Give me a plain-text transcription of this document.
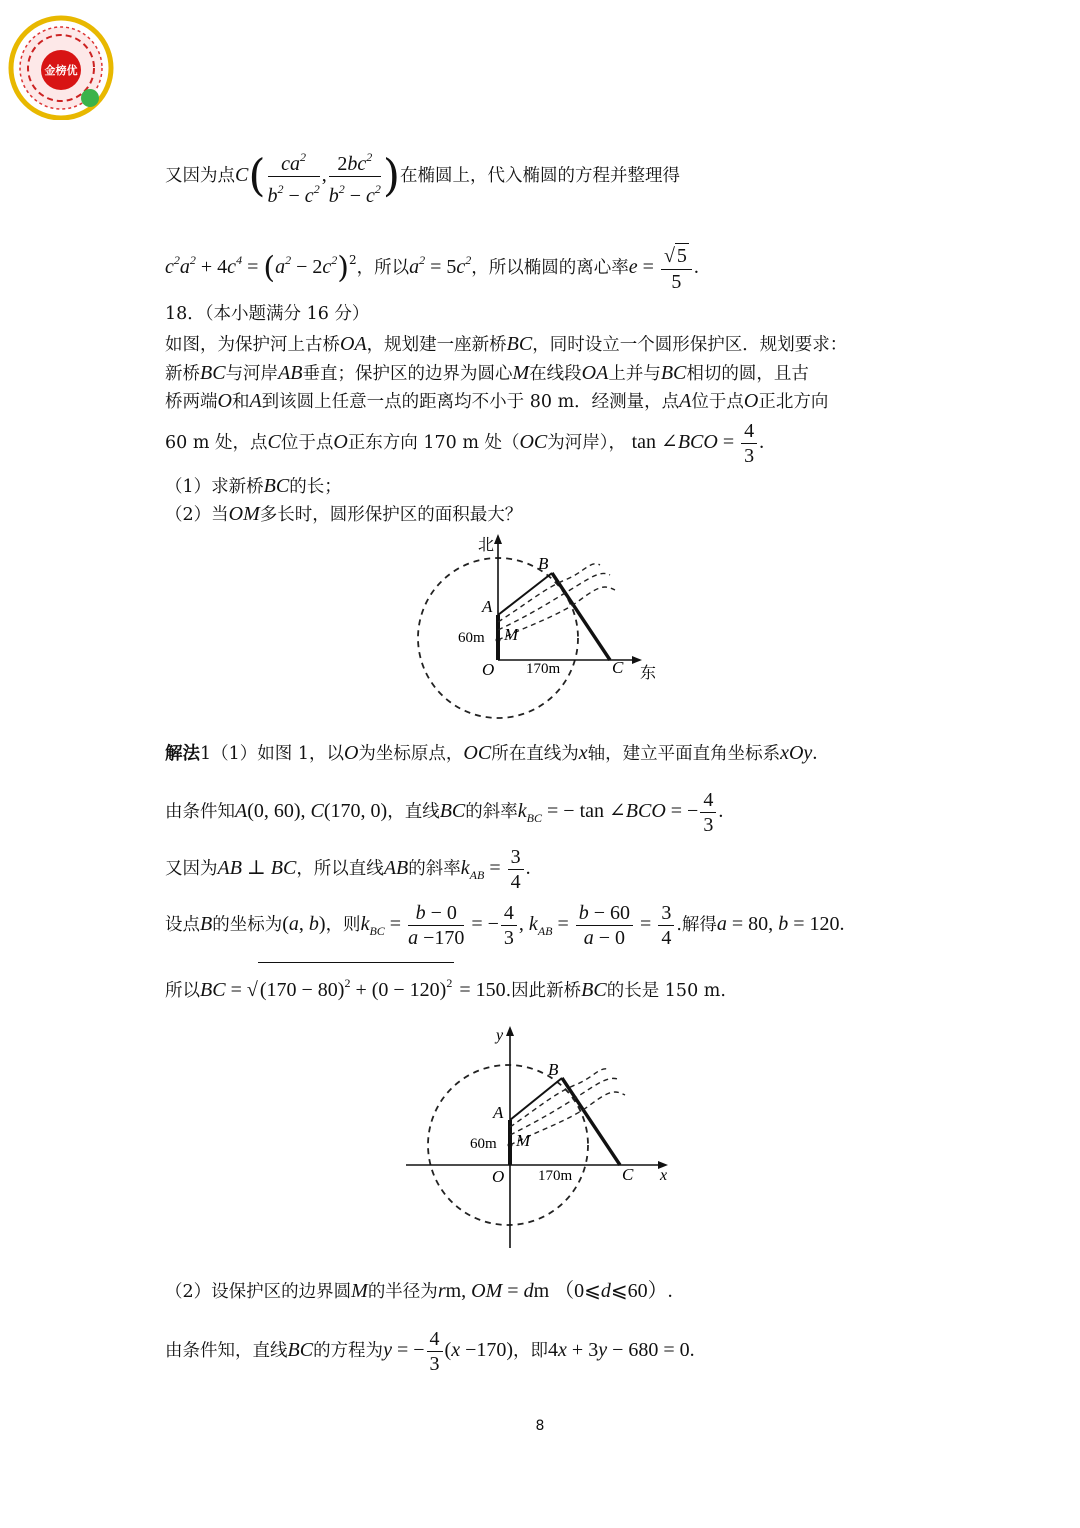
金榜优
又因为点$C( \frac{ca^2}{b^2 - c^2}$ , $\frac{2bc^2}{b^2 - c^2}$ )在椭圆上，代入椭圆的方程并整理得
$c^2a^2 + 4c^4 = (a^2 - 2c^2)^2$，所以$a^2 = 5c^2$，所以椭圆的离心率$e = \frac{√ 5}{5}$ .
18．（本小题满分 16 分）
如图，为保护河上古桥OA，规划建一座新桥BC，同时设立一个圆形保护区．规划要求：
新桥BC与河岸AB垂直；保护区的边界为圆心M在线段OA上并与BC相切的圆，且古
桥两端O和A到该圆上任意一点的距离均不小于 80 m．经测量，点A位于点O正北方向
60 m 处，点C位于点O正东方向 170 m 处（OC为河岸）， tan ∠BCO = $\frac{4}{3}$ .
（1）求新桥BC的长；
（2）当OM多长时，圆形保护区的面积最大？
北
B
A
60m M
O 170m	C 东
解法1（1）如图 1，以O为坐标原点，OC所在直线为x轴，建立平面直角坐标系xOy.
由条件知A(0, 60), C(170, 0)，直线BC的斜率$k_{BC}$ = − tan ∠BCO = − $\frac{4}{3}$ .
又因为AB ⊥ BC，所以直线AB的斜率$k_{AB} = \frac{3}{4}$ .
设点B的坐标为(a, b)，则$k_{BC} = \frac{b - 0}{a -170}$ = − $\frac{4}{3}$ , $k_{AB} = \frac{b - 60}{a - 0} = \frac{3}{4}$ .解得a = 80, b = 120.
所以BC = √ $(170 - 80)^2 + (0 - 120)^2 = 150$.因此新桥BC的长是 150 m.
y
B
A
60m M
O 170m	C x
（2）设保护区的边界圆M的半径为rm, OM = dm （0⩽d⩽60）.
由条件知，直线BC的方程为y = − $\frac{4}{3} (x -170)$，即4x + 3y − 680 = 0.
8
